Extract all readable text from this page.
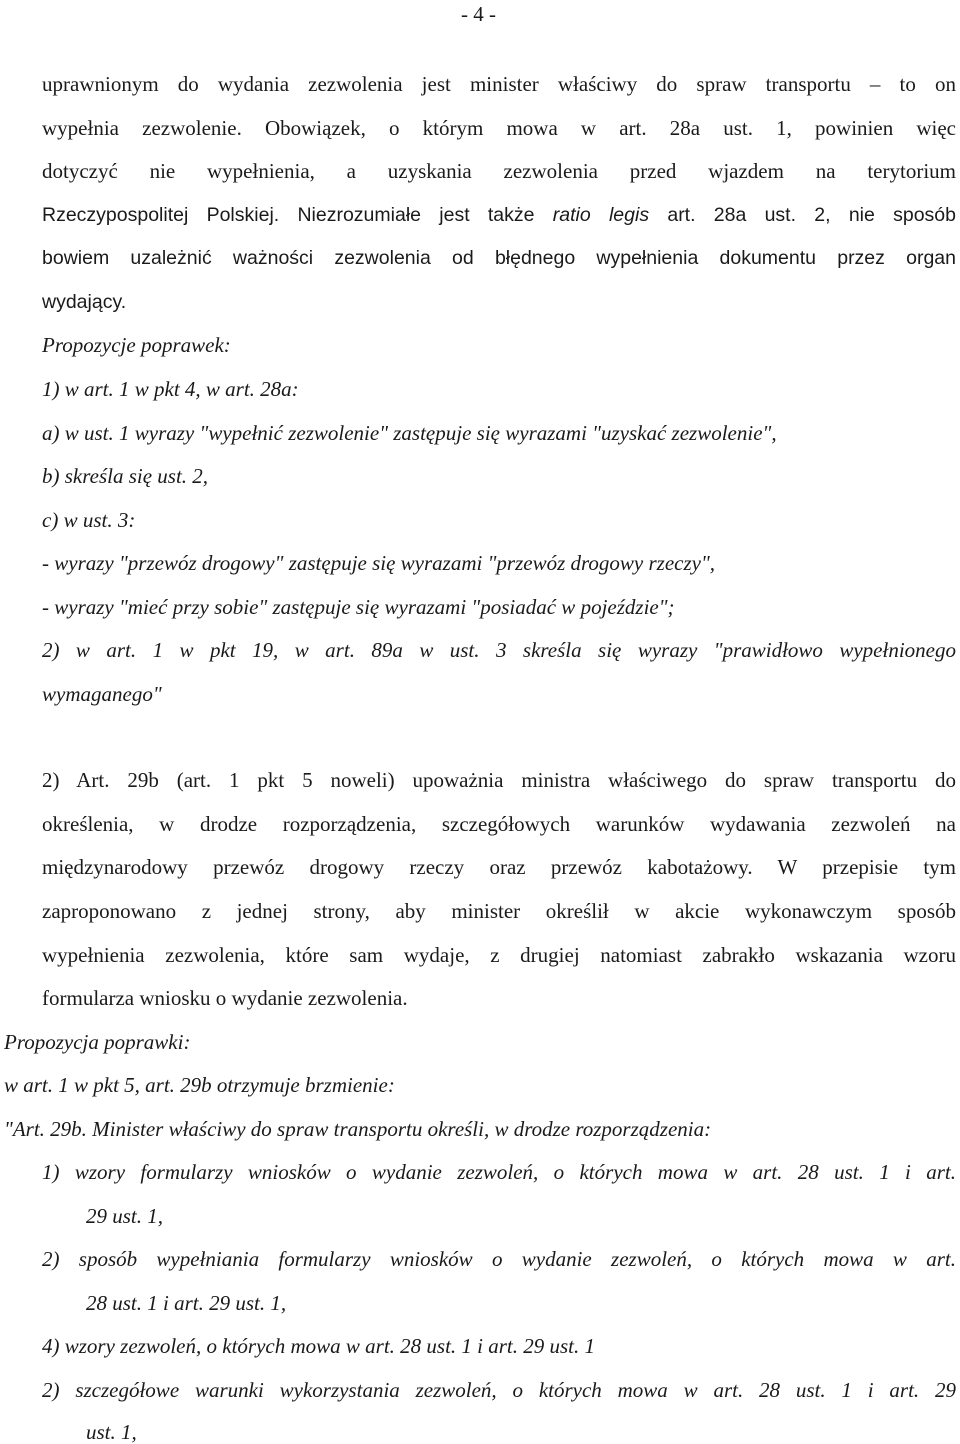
- 4 -
uprawnionym do wydania zezwolenia jest minister właściwy do spraw transportu – to on
wypełnia zezwolenie. Obowiązek, o którym mowa w art. 28a ust. 1, powinien więc
dotyczyć nie wypełnienia, a uzyskania zezwolenia przed wjazdem na terytorium
Rzeczypospolitej Polskiej. Niezrozumiałe jest także ratio legis art. 28a ust. 2, nie sposób
bowiem uzależnić ważności zezwolenia od błędnego wypełnienia dokumentu przez organ
wydający.
Propozycje poprawek:
1) w art. 1 w pkt 4, w art. 28a:
a) w ust. 1 wyrazy "wypełnić zezwolenie" zastępuje się wyrazami "uzyskać zezwolenie",
b) skreśla się ust. 2,
c) w ust. 3:
- wyrazy "przewóz drogowy" zastępuje się wyrazami "przewóz drogowy rzeczy",
- wyrazy "mieć przy sobie" zastępuje się wyrazami "posiadać w pojeździe";
2) w art. 1 w pkt 19, w art. 89a w ust. 3 skreśla się wyrazy "prawidłowo wypełnionego
wymaganego"
2) Art. 29b (art. 1 pkt 5 noweli) upoważnia ministra właściwego do spraw transportu do
określenia, w drodze rozporządzenia, szczegółowych warunków wydawania zezwoleń na
międzynarodowy przewóz drogowy rzeczy oraz przewóz kabotażowy. W przepisie tym
zaproponowano z jednej strony, aby minister określił w akcie wykonawczym sposób
wypełnienia zezwolenia, które sam wydaje, z drugiej natomiast zabrakło wskazania wzoru
formularza wniosku o wydanie zezwolenia.
Propozycja poprawki:
w art. 1 w pkt 5, art. 29b otrzymuje brzmienie:
"Art. 29b. Minister właściwy do spraw transportu określi, w drodze rozporządzenia:
1) wzory formularzy wniosków o wydanie zezwoleń, o których mowa w art. 28 ust. 1 i art.
29 ust. 1,
2) sposób wypełniania formularzy wniosków o wydanie zezwoleń, o których mowa w art.
28 ust. 1 i art. 29 ust. 1,
4) wzory zezwoleń, o których mowa w art. 28 ust. 1 i art. 29 ust. 1
2) szczegółowe warunki wykorzystania zezwoleń, o których mowa w art. 28 ust. 1 i art. 29
ust. 1,
